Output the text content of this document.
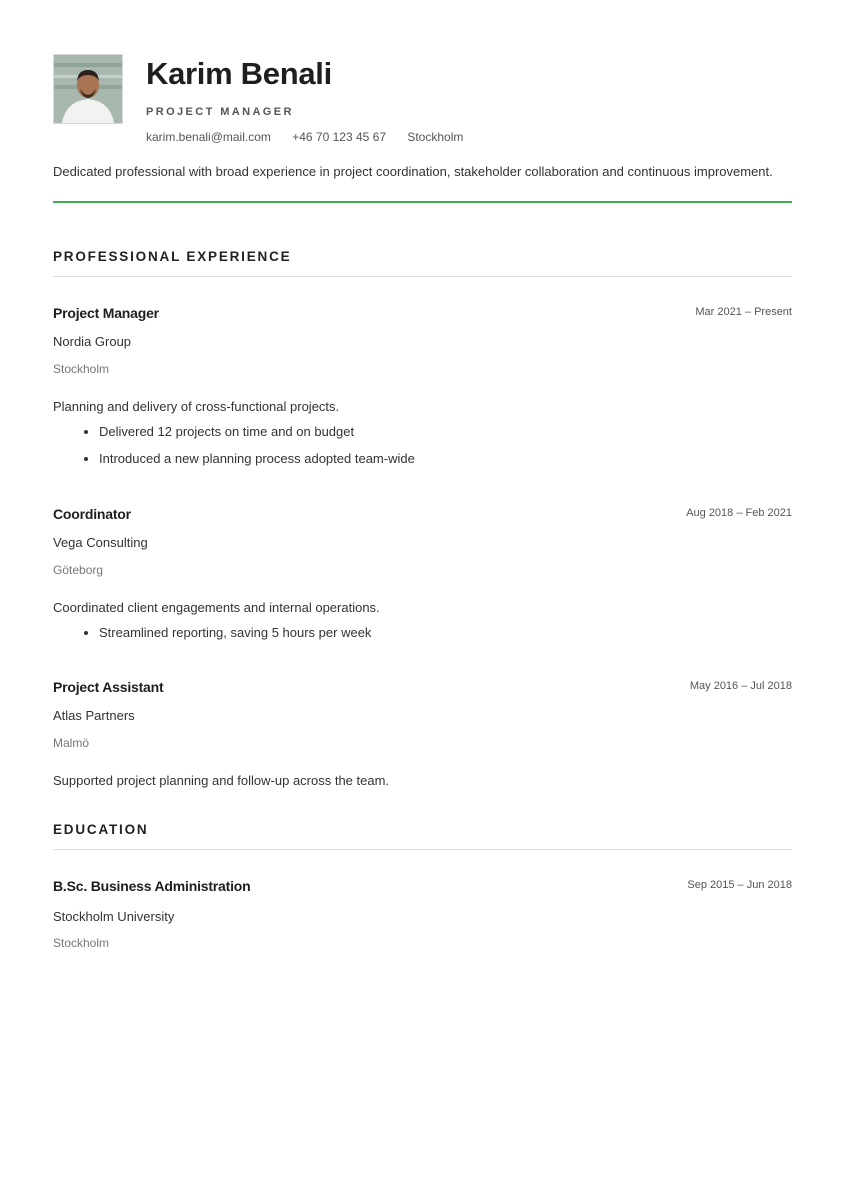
Karim Benali
PROJECT MANAGER
karim.benali@mail.com +46 70 123 45 67 Stockholm
Dedicated professional with broad experience in project coordination, stakeholder collaboration and continuous improvement.
PROFESSIONAL EXPERIENCE
Project Manager	Mar 2021 – Present
Nordia Group
Stockholm
Planning and delivery of cross-functional projects.
• Delivered 12 projects on time and on budget
• Introduced a new planning process adopted team-wide
Coordinator	Aug 2018 – Feb 2021
Vega Consulting
Göteborg
Coordinated client engagements and internal operations.
• Streamlined reporting, saving 5 hours per week
Project Assistant	May 2016 – Jul 2018
Atlas Partners
Malmö
Supported project planning and follow-up across the team.
EDUCATION
B.Sc. Business Administration	Sep 2015 – Jun 2018
Stockholm University
Stockholm
